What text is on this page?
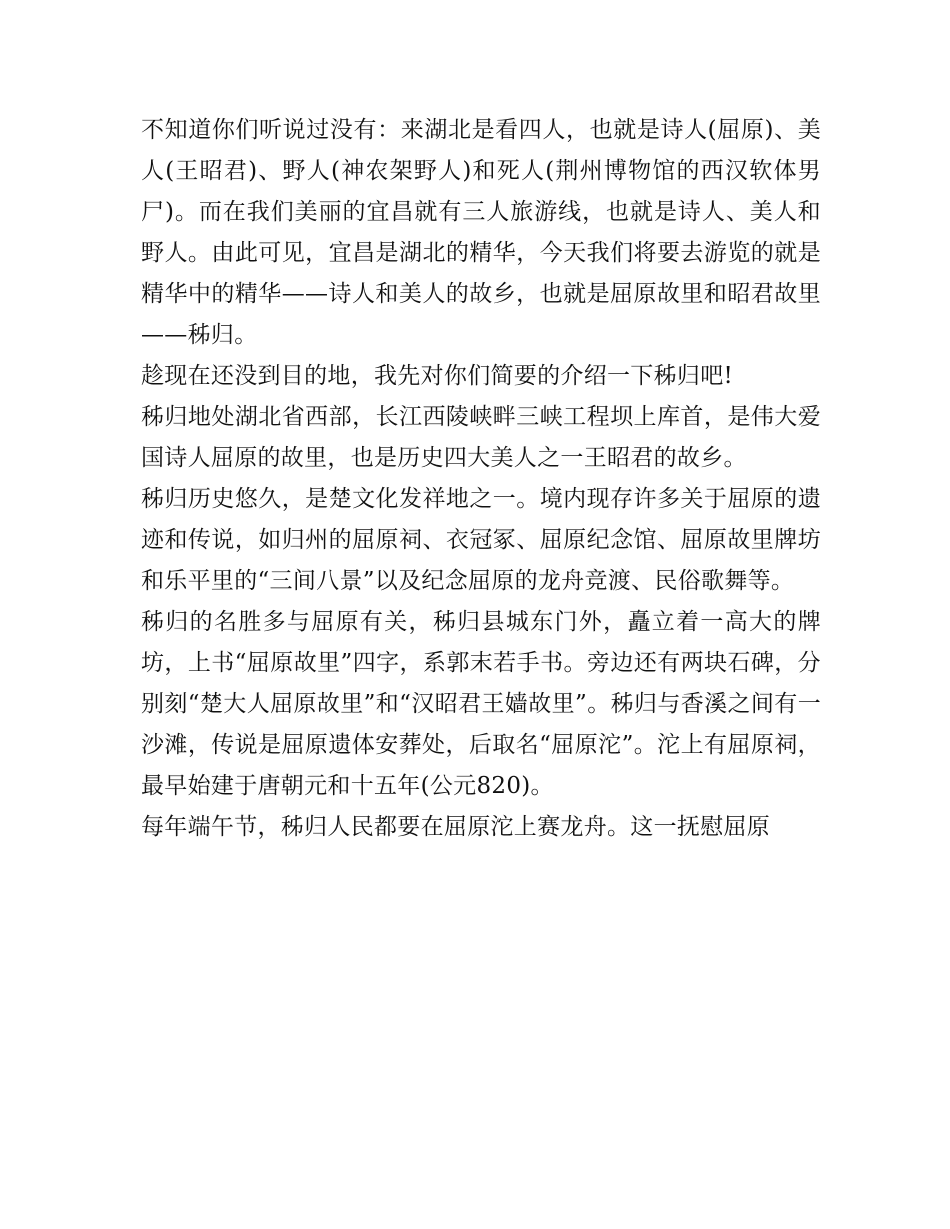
不知道你们听说过没有：来湖北是看四人，也就是诗人(屈原)、美人(王昭君)、野人(神农架野人)和死人(荆州博物馆的西汉软体男尸)。而在我们美丽的宜昌就有三人旅游线，也就是诗人、美人和野人。由此可见，宜昌是湖北的精华，今天我们将要去游览的就是精华中的精华——诗人和美人的故乡，也就是屈原故里和昭君故里——秭归。

趁现在还没到目的地，我先对你们简要的介绍一下秭归吧!

秭归地处湖北省西部，长江西陵峡畔三峡工程坝上库首，是伟大爱国诗人屈原的故里，也是历史四大美人之一王昭君的故乡。

秭归历史悠久，是楚文化发祥地之一。境内现存许多关于屈原的遗迹和传说，如归州的屈原祠、衣冠冢、屈原纪念馆、屈原故里牌坊和乐平里的“三间八景”以及纪念屈原的龙舟竞渡、民俗歌舞等。

秭归的名胜多与屈原有关，秭归县城东门外，矗立着一高大的牌坊，上书“屈原故里”四字，系郭末若手书。旁边还有两块石碑，分别刻“楚大人屈原故里”和“汉昭君王嫱故里”。秭归与香溪之间有一沙滩，传说是屈原遗体安葬处，后取名“屈原沱”。沱上有屈原祠，最早始建于唐朝元和十五年(公元820)。

每年端午节，秭归人民都要在屈原沱上赛龙舟。这一抚慰屈原
